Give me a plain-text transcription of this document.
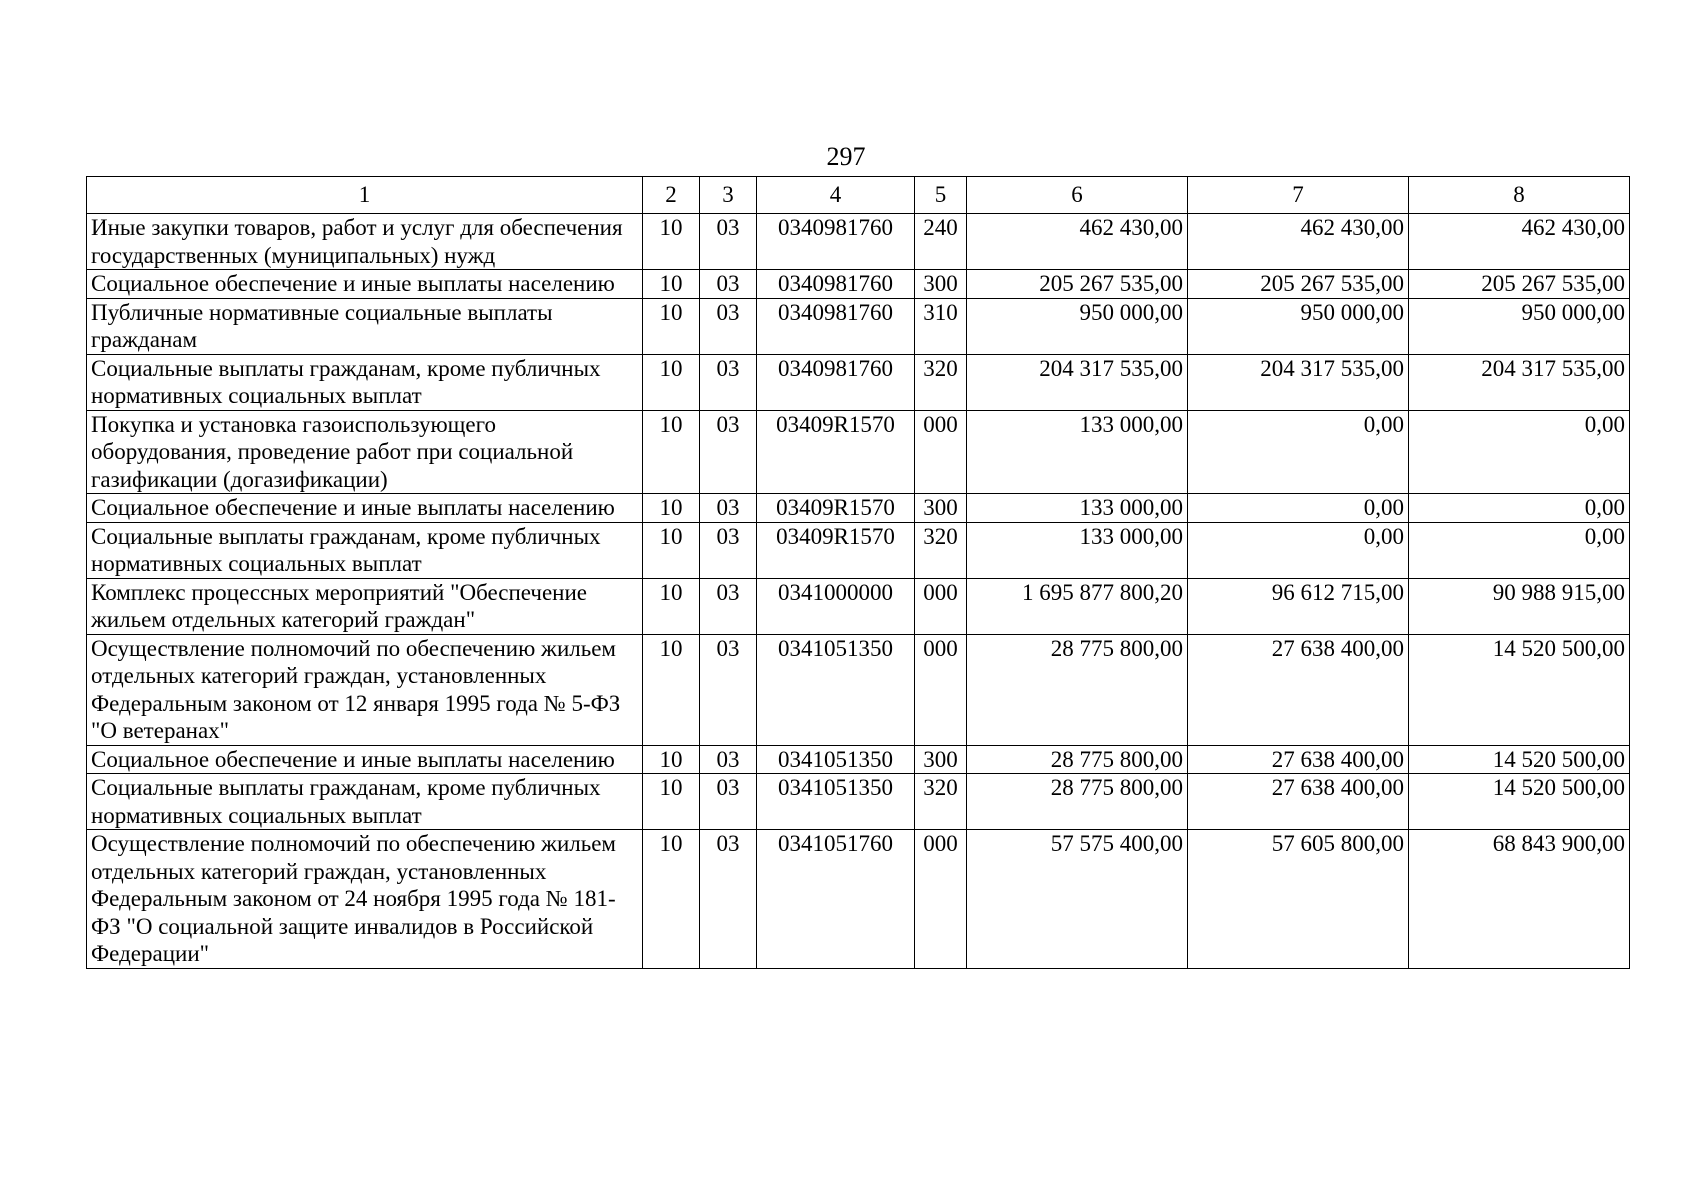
297
1	2	3	4	5	6	7	8
Иные закупки товаров, работ и услуг для обеспечения государственных (муниципальных) нужд	10	03	0340981760	240	462 430,00	462 430,00	462 430,00
Социальное обеспечение и иные выплаты населению	10	03	0340981760	300	205 267 535,00	205 267 535,00	205 267 535,00
Публичные нормативные социальные выплаты гражданам	10	03	0340981760	310	950 000,00	950 000,00	950 000,00
Социальные выплаты гражданам, кроме публичных нормативных социальных выплат	10	03	0340981760	320	204 317 535,00	204 317 535,00	204 317 535,00
Покупка и установка газоиспользующего оборудования, проведение работ при социальной газификации (догазификации)	10	03	03409R1570	000	133 000,00	0,00	0,00
Социальное обеспечение и иные выплаты населению	10	03	03409R1570	300	133 000,00	0,00	0,00
Социальные выплаты гражданам, кроме публичных нормативных социальных выплат	10	03	03409R1570	320	133 000,00	0,00	0,00
Комплекс процессных мероприятий "Обеспечение жильем отдельных категорий граждан"	10	03	0341000000	000	1 695 877 800,20	96 612 715,00	90 988 915,00
Осуществление полномочий по обеспечению жильем отдельных категорий граждан, установленных Федеральным законом от 12 января 1995 года № 5-ФЗ "О ветеранах"	10	03	0341051350	000	28 775 800,00	27 638 400,00	14 520 500,00
Социальное обеспечение и иные выплаты населению	10	03	0341051350	300	28 775 800,00	27 638 400,00	14 520 500,00
Социальные выплаты гражданам, кроме публичных нормативных социальных выплат	10	03	0341051350	320	28 775 800,00	27 638 400,00	14 520 500,00
Осуществление полномочий по обеспечению жильем отдельных категорий граждан, установленных Федеральным законом от 24 ноября 1995 года № 181-ФЗ "О социальной защите инвалидов в Российской Федерации"	10	03	0341051760	000	57 575 400,00	57 605 800,00	68 843 900,00
